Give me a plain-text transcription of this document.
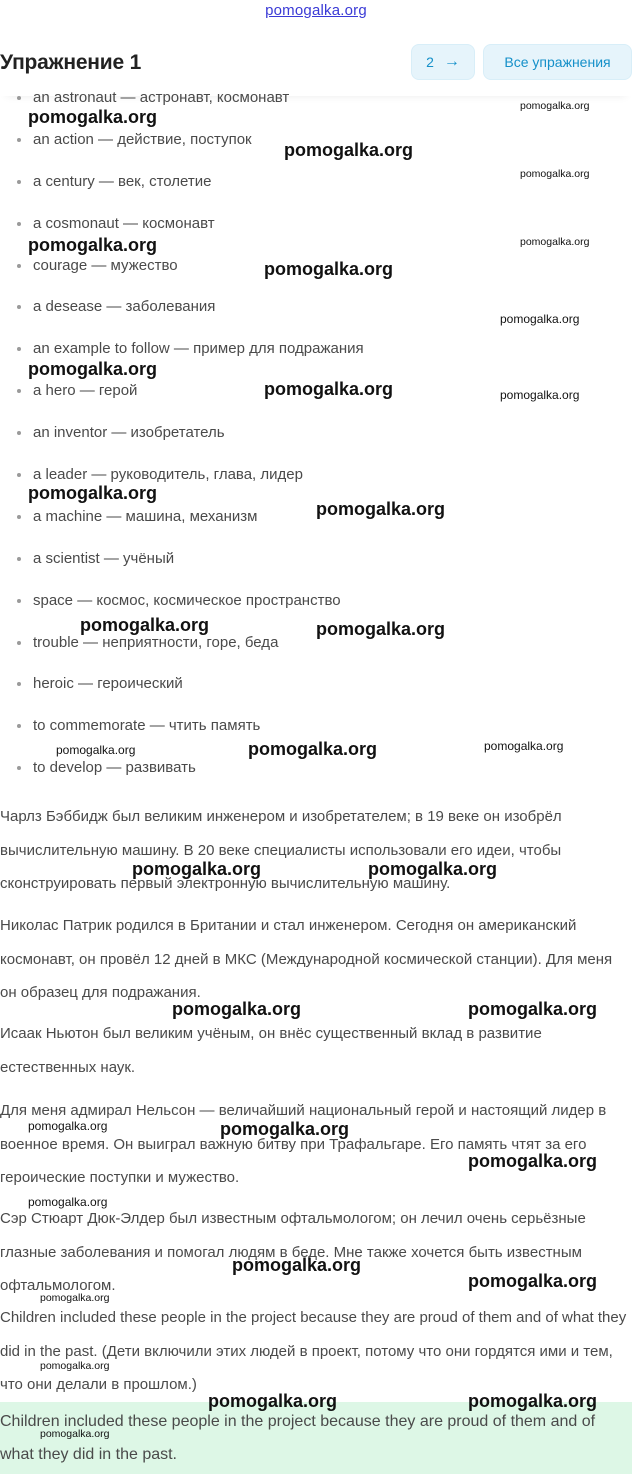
pomogalka.org
Упражнение 1	2 →	Все упражнения
an astronaut — астронавт, космонавт
an action — действие, поступок
a century — век, столетие
a cosmonaut — космонавт
courage — мужество
a desease — заболевания
an example to follow — пример для подражания
a hero — герой
an inventor — изобретатель
a leader — руководитель, глава, лидер
a machine — машина, механизм
a scientist — учёный
space — космос, космическое пространство
trouble — неприятности, горе, беда
heroic — героический
to commemorate — чтить память
to develop — развивать

Чарлз Бэббидж был великим инженером и изобретателем; в 19 веке он изобрёл вычислительную машину. В 20 веке специалисты использовали его идеи, чтобы сконструировать первый электронную вычислительную машину.

Николас Патрик родился в Британии и стал инженером. Сегодня он американский космонавт, он провёл 12 дней в МКС (Международной космической станции). Для меня он образец для подражания.

Исаак Ньютон был великим учёным, он внёс существенный вклад в развитие естественных наук.

Для меня адмирал Нельсон — величайший национальный герой и настоящий лидер в военное время. Он выиграл важную битву при Трафальгаре. Его память чтят за его героические поступки и мужество.

Сэр Стюарт Дюк-Элдер был известным офтальмологом; он лечил очень серьёзные глазные заболевания и помогал людям в беде. Мне также хочется быть известным офтальмологом.

Children included these people in the project because they are proud of them and of what they did in the past. (Дети включили этих людей в проект, потому что они гордятся ими и тем, что они делали в прошлом.)

Children included these people in the project because they are proud of them and of what they did in the past.
pomogalka.org
pomogalka.org
pomogalka.org
pomogalka.org
pomogalka.org	pomogalka.org
pomogalka.org
pomogalka.org
pomogalka.org
pomogalka.org	pomogalka.org
pomogalka.org
pomogalka.org
pomogalka.org	pomogalka.org
pomogalka.org	pomogalka.org	pomogalka.org
pomogalka.org	pomogalka.org
pomogalka.org	pomogalka.org
pomogalka.org	pomogalka.org
pomogalka.org
pomogalka.org
pomogalka.org
pomogalka.org
pomogalka.org
pomogalka.org
pomogalka.org	pomogalka.org
pomogalka.org
